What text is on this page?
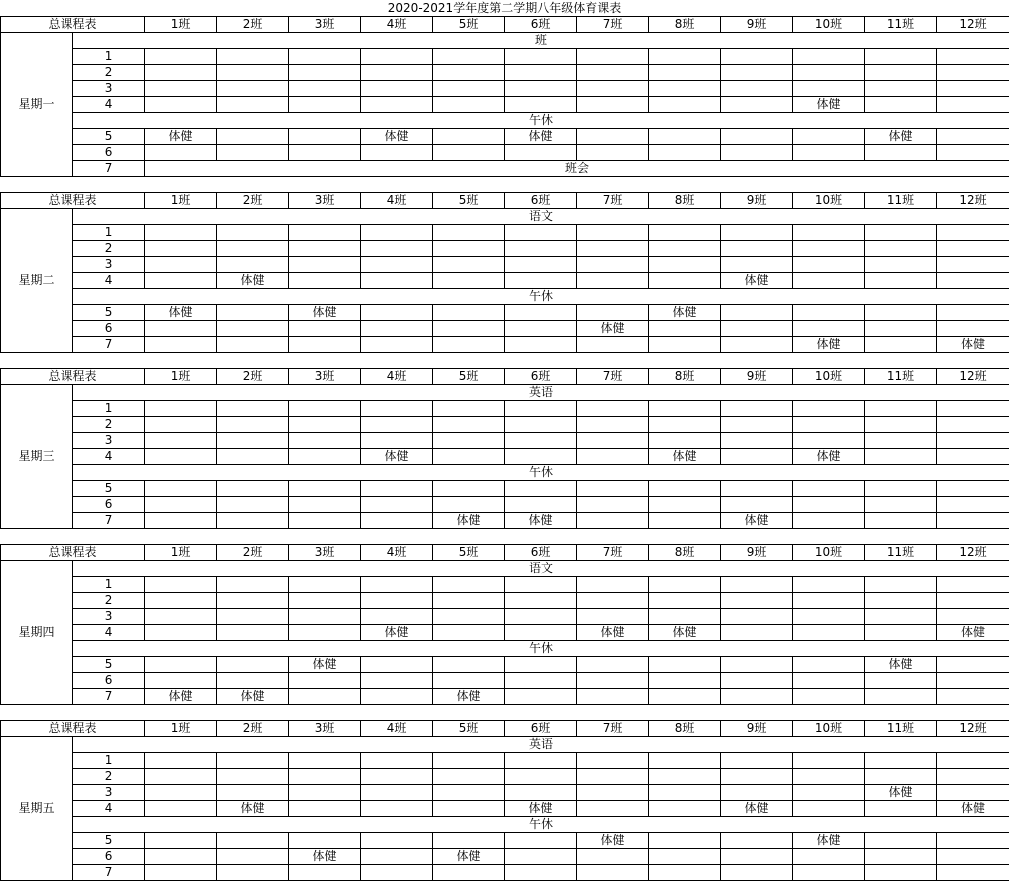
2020-2021学年度第二学期八年级体育课表
总课程表		1班	2班	3班	4班	5班	6班	7班	8班	9班	10班	11班	12班
星期一	班												
	1												
	2												
	3												
	4										体健		
	午休												
	5	体健			体健		体健					体健	
	6												
	7	班会											
总课程表		1班	2班	3班	4班	5班	6班	7班	8班	9班	10班	11班	12班
星期二	语文												
	1												
	2												
	3												
	4		体健							体健			
	午休												
	5	体健		体健					体健				
	6							体健					
	7										体健		体健
总课程表		1班	2班	3班	4班	5班	6班	7班	8班	9班	10班	11班	12班
星期三	英语												
	1												
	2												
	3												
	4				体健				体健		体健		
	午休												
	5												
	6												
	7					体健	体健			体健			
总课程表		1班	2班	3班	4班	5班	6班	7班	8班	9班	10班	11班	12班
星期四	语文												
	1												
	2												
	3												
	4				体健			体健	体健				体健
	午休												
	5			体健								体健	
	6												
	7	体健	体健			体健							
总课程表		1班	2班	3班	4班	5班	6班	7班	8班	9班	10班	11班	12班
星期五	英语												
	1												
	2												
	3											体健	
	4		体健				体健			体健			体健
	午休												
	5							体健			体健		
	6			体健		体健							
	7												
